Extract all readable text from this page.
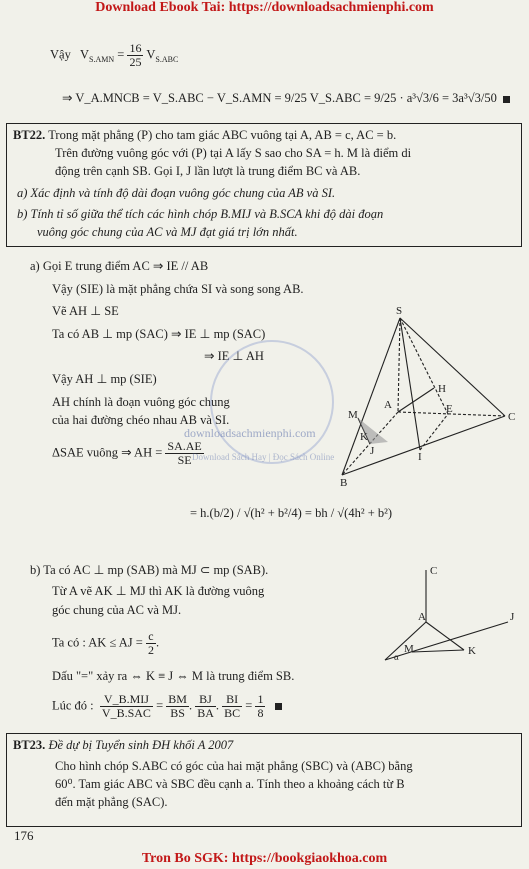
Download Ebook Tai: https://downloadsachmienphi.com
Vậy $V_{S.AMN} = \frac{16}{25} V_{S.ABC}$
⇒ V_A.MNCB = V_S.ABC − V_S.AMN = 9/25 V_S.ABC = 9/25 · a³√3/6 = 3a³√3/50

BT22. Trong mặt phẳng (P) cho tam giác ABC vuông tại A, AB = c, AC = b.

Trên đường vuông góc với (P) tại A lấy S sao cho SA = h. M là điểm di

động trên cạnh SB. Gọi I, J lần lượt là trung điểm BC và AB.

a) Xác định và tính độ dài đoạn vuông góc chung của AB và SI.

b) Tính tỉ số giữa thể tích các hình chóp B.MIJ và B.SCA khi độ dài đoạn

vuông góc chung của AC và MJ đạt giá trị lớn nhất.

a) Gọi E trung điểm AC ⇒ IE // AB
Vậy (SIE) là mặt phẳng chứa SI và song song AB.
Vẽ AH ⊥ SE
Ta có AB ⊥ mp (SAC) ⇒ IE ⊥ mp (SAC)
⇒ IE ⊥ AH
Vậy AH ⊥ mp (SIE)
AH chính là đoạn vuông góc chung
của hai đường chéo nhau AB và SI.
ΔSAE vuông ⇒ AH = $\frac{SA.AE}{SE}$
= h.(b/2) / √(h² + b²/4) = bh / √(4h² + b²)
S
H
A	E
C
M
K
J	I
B
downloadsachmienphi.com
Download Sách Hay | Đọc Sách Online
b) Ta có AC ⊥ mp (SAB) mà MJ ⊂ mp (SAB).
Từ A vẽ AK ⊥ MJ thì AK là đường vuông
góc chung của AC và MJ.
Ta có : AK ≤ AJ = $\frac{c}{2}$ .
Dấu "=" xảy ra ⇔ K ≡ J ⇔ M là trung điểm SB.
Lúc đó : $\frac{\text{V\_B.MIJ}}{\text{V\_B.SAC}} = \frac{BM}{BS}$ . $\frac{BJ}{BA}$ . $\frac{BI}{BC} = \frac{1}{8}$

C
A	J
M	K
α

BT23. Đề dự bị Tuyển sinh ĐH khối A 2007

Cho hình chóp S.ABC có góc của hai mặt phẳng (SBC) và (ABC) bằng

60⁰. Tam giác ABC và SBC đều cạnh a. Tính theo a khoảng cách từ B

đến mặt phẳng (SAC).

176
Tron Bo SGK: https://bookgiaokhoa.com
